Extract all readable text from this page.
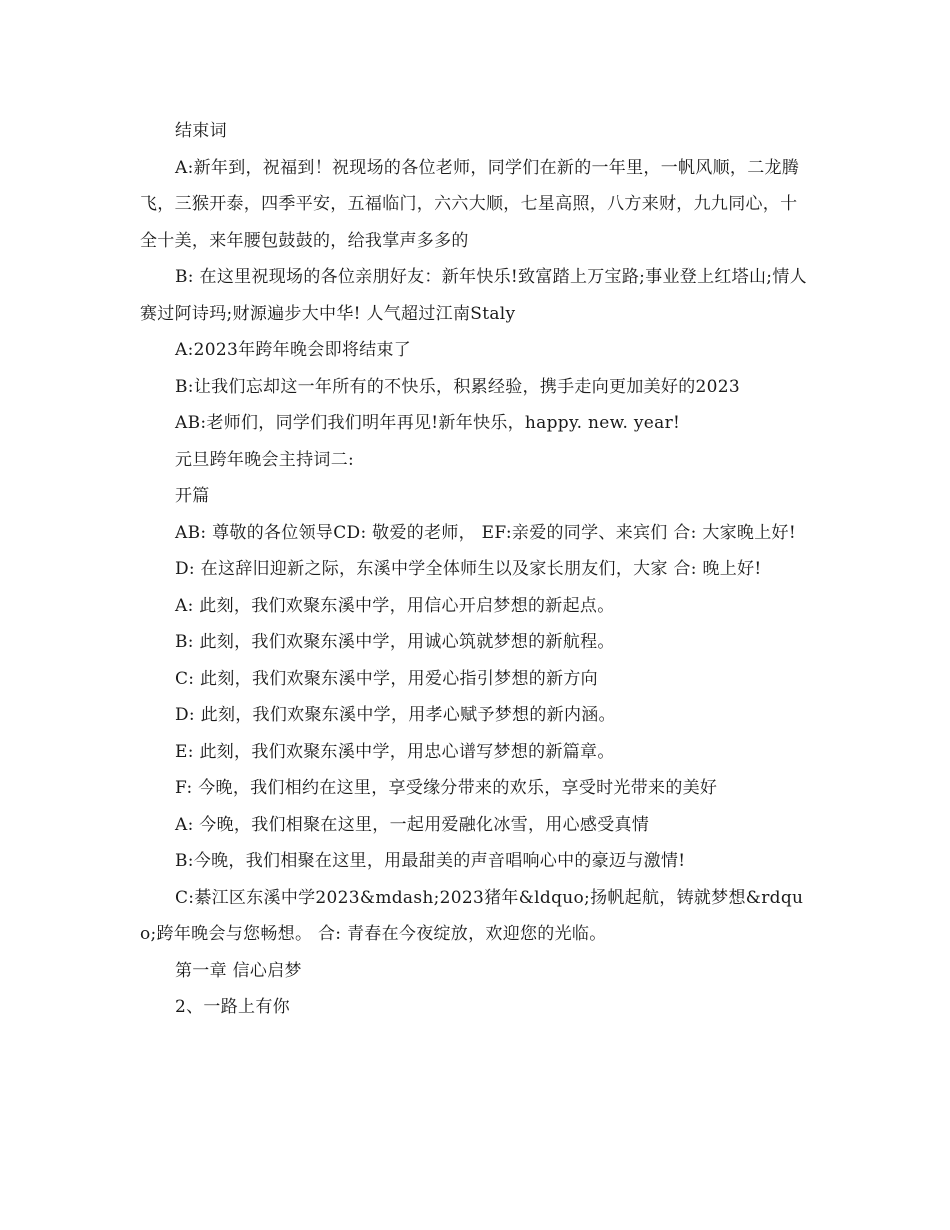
结束词

A:新年到，祝福到！祝现场的各位老师，同学们在新的一年里，一帆风顺，二龙腾飞，三猴开泰，四季平安，五福临门，六六大顺，七星高照，八方来财，九九同心，十全十美，来年腰包鼓鼓的，给我掌声多多的

B: 在这里祝现场的各位亲朋好友：新年快乐!致富踏上万宝路;事业登上红塔山;情人赛过阿诗玛;财源遍步大中华! 人气超过江南Staly

A:2023年跨年晚会即将结束了

B:让我们忘却这一年所有的不快乐，积累经验，携手走向更加美好的2023

AB:老师们，同学们我们明年再见!新年快乐，happy. new. year!

元旦跨年晚会主持词二:

开篇

AB: 尊敬的各位领导CD: 敬爱的老师， EF:亲爱的同学、来宾们 合: 大家晚上好!

D: 在这辞旧迎新之际，东溪中学全体师生以及家长朋友们，大家 合: 晚上好!

A: 此刻，我们欢聚东溪中学，用信心开启梦想的新起点。

B: 此刻，我们欢聚东溪中学，用诚心筑就梦想的新航程。

C: 此刻，我们欢聚东溪中学，用爱心指引梦想的新方向

D: 此刻，我们欢聚东溪中学，用孝心赋予梦想的新内涵。

E: 此刻，我们欢聚东溪中学，用忠心谱写梦想的新篇章。

F: 今晚，我们相约在这里，享受缘分带来的欢乐，享受时光带来的美好

A: 今晚，我们相聚在这里，一起用爱融化冰雪，用心感受真情

B:今晚，我们相聚在这里，用最甜美的声音唱响心中的豪迈与激情!

C:綦江区东溪中学2023&mdash;2023猪年&ldquo;扬帆起航，铸就梦想&rdquo;跨年晚会与您畅想。 合: 青春在今夜绽放，欢迎您的光临。

第一章 信心启梦

2、一路上有你
